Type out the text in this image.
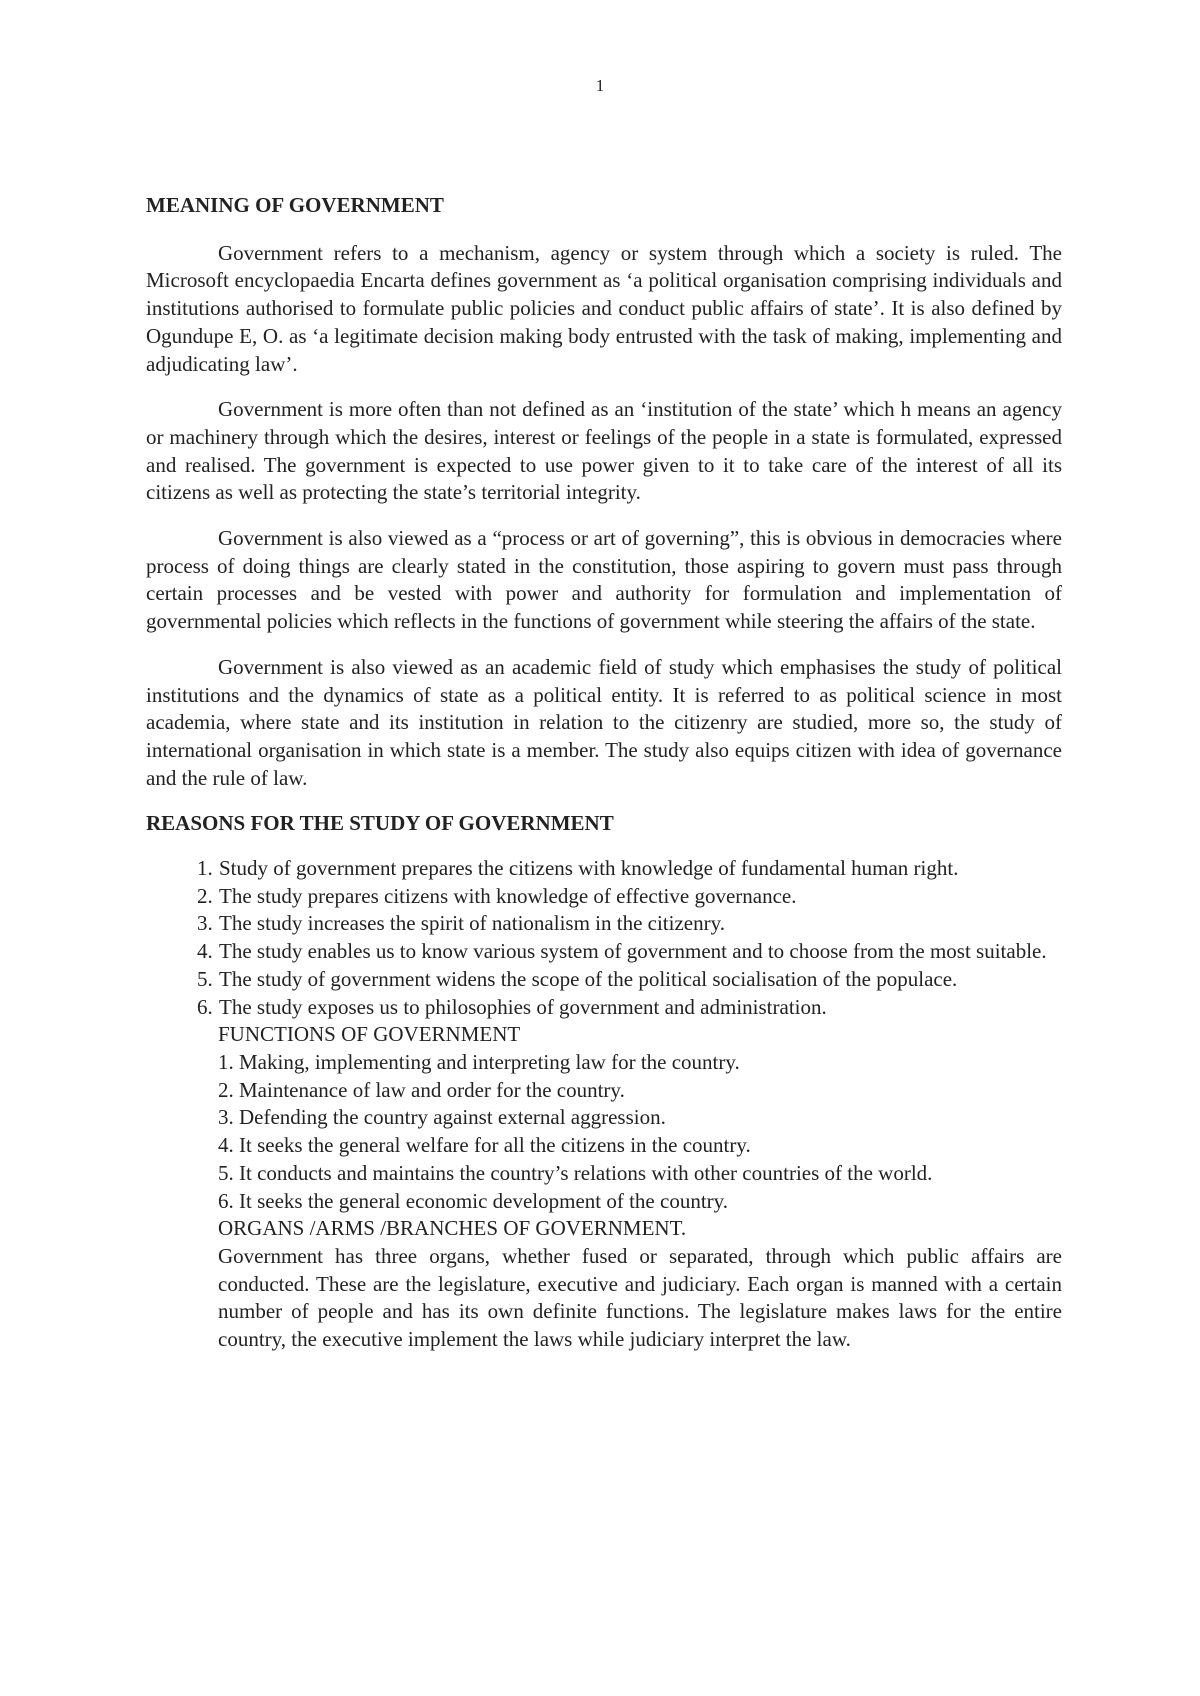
1
MEANING OF GOVERNMENT

Government refers to a mechanism, agency or system through which a society is ruled. The Microsoft encyclopaedia Encarta defines government as ‘a political organisation comprising individuals and institutions authorised to formulate public policies and conduct public affairs of state’. It is also defined by Ogundupe E, O. as ‘a legitimate decision making body entrusted with the task of making, implementing and adjudicating law’.

Government is more often than not defined as an ‘institution of the state’ which h means an agency or machinery through which the desires, interest or feelings of the people in a state is formulated, expressed and realised. The government is expected to use power given to it to take care of the interest of all its citizens as well as protecting the state’s territorial integrity.

Government is also viewed as a “process or art of governing”, this is obvious in democracies where process of doing things are clearly stated in the constitution, those aspiring to govern must pass through certain processes and be vested with power and authority for formulation and implementation of governmental policies which reflects in the functions of government while steering the affairs of the state.

Government is also viewed as an academic field of study which emphasises the study of political institutions and the dynamics of state as a political entity. It is referred to as political science in most academia, where state and its institution in relation to the citizenry are studied, more so, the study of international organisation in which state is a member. The study also equips citizen with idea of governance and the rule of law.

REASONS FOR THE STUDY OF GOVERNMENT
1. Study of government prepares the citizens with knowledge of fundamental human right.
2. The study prepares citizens with knowledge of effective governance.
3. The study increases the spirit of nationalism in the citizenry.
4. The study enables us to know various system of government and to choose from the most suitable.
5. The study of government widens the scope of the political socialisation of the populace.
6. The study exposes us to philosophies of government and administration.
FUNCTIONS OF GOVERNMENT
1. Making, implementing and interpreting law for the country.
2. Maintenance of law and order for the country.
3. Defending the country against external aggression.
4. It seeks the general welfare for all the citizens in the country.
5. It conducts and maintains the country’s relations with other countries of the world.
6. It seeks the general economic development of the country.
ORGANS /ARMS /BRANCHES OF GOVERNMENT.
Government has three organs, whether fused or separated, through which public affairs are conducted. These are the legislature, executive and judiciary. Each organ is manned with a certain number of people and has its own definite functions. The legislature makes laws for the entire country, the executive implement the laws while judiciary interpret the law.
